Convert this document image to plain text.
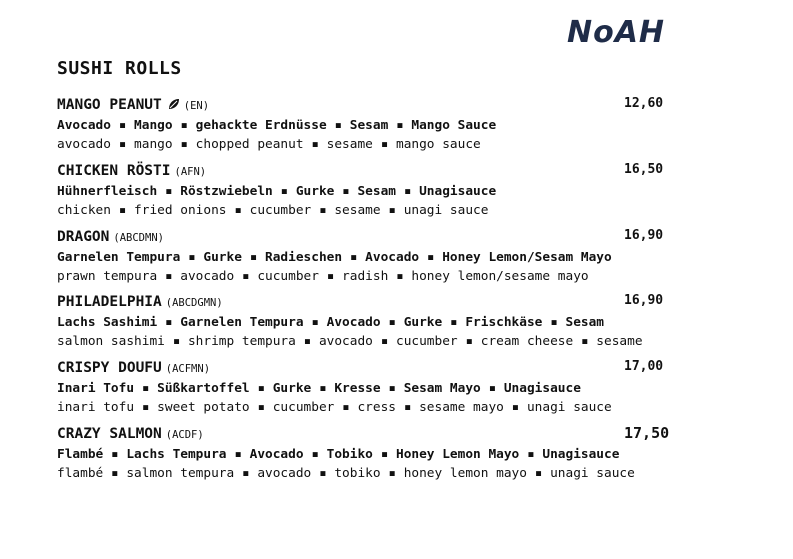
NoAH
SUSHI ROLLS
MANGO PEANUT (EN)	12,60
Avocado ▪ Mango ▪ gehackte Erdnüsse ▪ Sesam ▪ Mango Sauce
avocado ▪ mango ▪ chopped peanut ▪ sesame ▪ mango sauce
CHICKEN RÖSTI (AFN)	16,50
Hühnerfleisch ▪ Röstzwiebeln ▪ Gurke ▪ Sesam ▪ Unagisauce
chicken ▪ fried onions ▪ cucumber ▪ sesame ▪ unagi sauce
DRAGON (ABCDMN)	16,90
Garnelen Tempura ▪ Gurke ▪ Radieschen ▪ Avocado ▪ Honey Lemon/Sesam Mayo
prawn tempura ▪ avocado ▪ cucumber ▪ radish ▪ honey lemon/sesame mayo
PHILADELPHIA (ABCDGMN)	16,90
Lachs Sashimi ▪ Garnelen Tempura ▪ Avocado ▪ Gurke ▪ Frischkäse ▪ Sesam
salmon sashimi ▪ shrimp tempura ▪ avocado ▪ cucumber ▪ cream cheese ▪ sesame
CRISPY DOUFU (ACFMN)	17,00
Inari Tofu ▪ Süßkartoffel ▪ Gurke ▪ Kresse ▪ Sesam Mayo ▪ Unagisauce
inari tofu ▪ sweet potato ▪ cucumber ▪ cress ▪ sesame mayo ▪ unagi sauce
CRAZY SALMON (ACDF)	17,50
Flambé ▪ Lachs Tempura ▪ Avocado ▪ Tobiko ▪ Honey Lemon Mayo ▪ Unagisauce
flambé ▪ salmon tempura ▪ avocado ▪ tobiko ▪ honey lemon mayo ▪ unagi sauce
